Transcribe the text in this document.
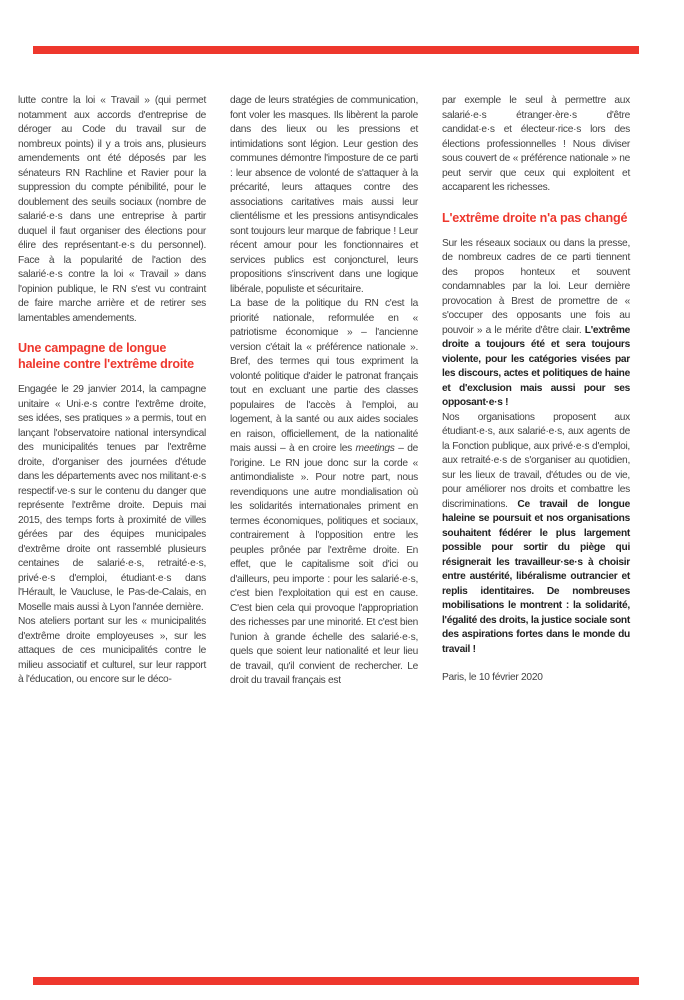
lutte contre la loi « Travail » (qui permet notamment aux accords d'entreprise de déroger au Code du travail sur de nombreux points) il y a trois ans, plusieurs amendements ont été déposés par les sénateurs RN Rachline et Ravier pour la suppression du compte pénibilité, pour le doublement des seuils sociaux (nombre de salarié·e·s dans une entreprise à partir duquel il faut organiser des élections pour élire des représentant·e·s du personnel). Face à la popularité de l'action des salarié·e·s contre la loi « Travail » dans l'opinion publique, le RN s'est vu contraint de faire marche arrière et de retirer ses lamentables amendements.

Une campagne de longue haleine contre l'extrême droite

Engagée le 29 janvier 2014, la campagne unitaire « Uni·e·s contre l'extrême droite, ses idées, ses pratiques » a permis, tout en lançant l'observatoire national intersyndical des municipalités tenues par l'extrême droite, d'organiser des journées d'étude dans les départements avec nos militant·e·s respectif·ve·s sur le contenu du danger que représente l'extrême droite. Depuis mai 2015, des temps forts à proximité de villes gérées par des équipes municipales d'extrême droite ont rassemblé plusieurs centaines de salarié·e·s, retraité·e·s, privé·e·s d'emploi, étudiant·e·s dans l'Hérault, le Vaucluse, le Pas-de-Calais, en Moselle mais aussi à Lyon l'année dernière.

Nos ateliers portant sur les « municipalités d'extrême droite employeuses », sur les attaques de ces municipalités contre le milieu associatif et culturel, sur leur rapport à l'éducation, ou encore sur le déco-

dage de leurs stratégies de communication, font voler les masques. Ils libèrent la parole dans des lieux ou les pressions et intimidations sont légion. Leur gestion des communes démontre l'imposture de ce parti : leur absence de volonté de s'attaquer à la précarité, leurs attaques contre des associations caritatives mais aussi leur clientélisme et les pressions antisyndicales sont toujours leur marque de fabrique ! Leur récent amour pour les fonctionnaires et services publics est conjoncturel, leurs propositions s'inscrivent dans une logique libérale, populiste et sécuritaire.

La base de la politique du RN c'est la priorité nationale, reformulée en « patriotisme économique » – l'ancienne version c'était la « préférence nationale ». Bref, des termes qui tous expriment la volonté politique d'aider le patronat français tout en excluant une partie des classes populaires de l'accès à l'emploi, au logement, à la santé ou aux aides sociales en raison, officiellement, de la nationalité mais aussi – à en croire les meetings – de l'origine. Le RN joue donc sur la corde « antimondialiste ». Pour notre part, nous revendiquons une autre mondialisation où les solidarités internationales priment en termes économiques, politiques et sociaux, contrairement à l'opposition entre les peuples prônée par l'extrême droite. En effet, que le capitalisme soit d'ici ou d'ailleurs, peu importe : pour les salarié·e·s, c'est bien l'exploitation qui est en cause. C'est bien cela qui provoque l'appropriation des richesses par une minorité. Et c'est bien l'union à grande échelle des salarié·e·s, quels que soient leur nationalité et leur lieu de travail, qu'il convient de rechercher. Le droit du travail français est

par exemple le seul à permettre aux salarié·e·s étranger·ère·s d'être candidat·e·s et électeur·rice·s lors des élections professionnelles ! Nous diviser sous couvert de « préférence nationale » ne peut servir que ceux qui exploitent et accaparent les richesses.

L'extrême droite n'a pas changé

Sur les réseaux sociaux ou dans la presse, de nombreux cadres de ce parti tiennent des propos honteux et souvent condamnables par la loi. Leur dernière provocation à Brest de promettre de « s'occuper des opposants une fois au pouvoir » a le mérite d'être clair. L'extrême droite a toujours été et sera toujours violente, pour les catégories visées par les discours, actes et politiques de haine et d'exclusion mais aussi pour ses opposant·e·s !

Nos organisations proposent aux étudiant·e·s, aux salarié·e·s, aux agents de la Fonction publique, aux privé·e·s d'emploi, aux retraité·e·s de s'organiser au quotidien, sur les lieux de travail, d'études ou de vie, pour améliorer nos droits et combattre les discriminations. Ce travail de longue haleine se poursuit et nos organisations souhaitent fédérer le plus largement possible pour sortir du piège qui résignerait les travailleur·se·s à choisir entre austérité, libéralisme outrancier et replis identitaires. De nombreuses mobilisations le montrent : la solidarité, l'égalité des droits, la justice sociale sont des aspirations fortes dans le monde du travail !

Paris, le 10 février 2020
